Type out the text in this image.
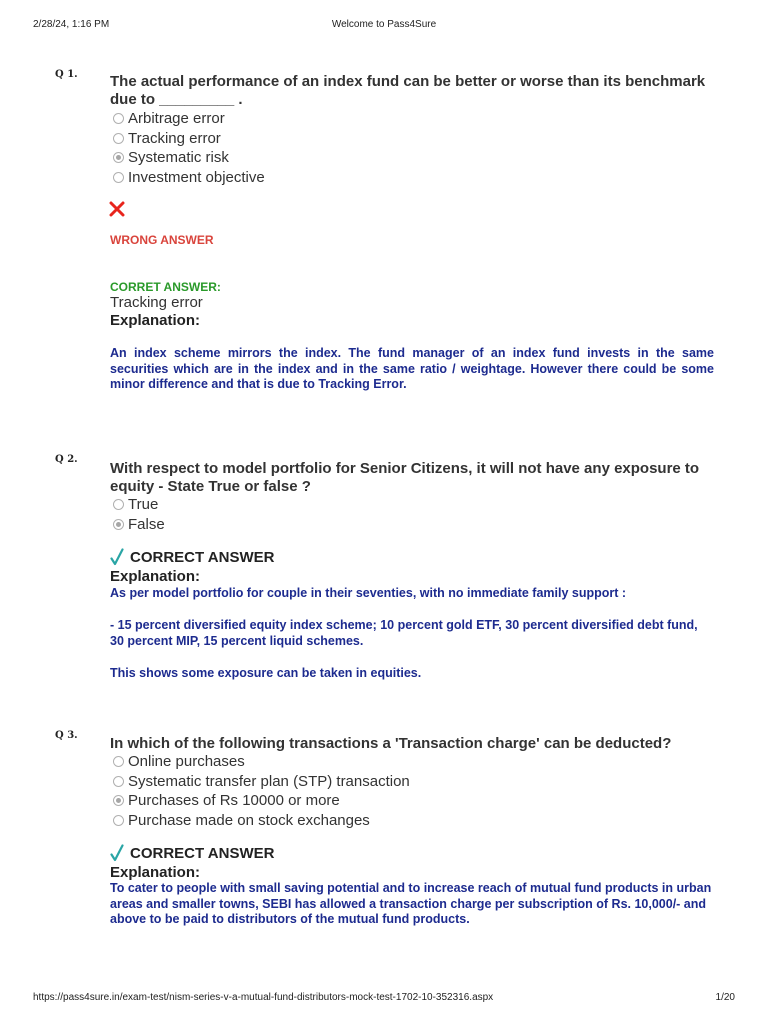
2/28/24, 1:16 PM	Welcome to Pass4Sure
Q 1. The actual performance of an index fund can be better or worse than its benchmark due to _________ .
Arbitrage error
Tracking error
Systematic risk
Investment objective
WRONG ANSWER
CORRET ANSWER:
Tracking error
Explanation:
An index scheme mirrors the index. The fund manager of an index fund invests in the same securities which are in the index and in the same ratio / weightage. However there could be some minor difference and that is due to Tracking Error.
Q 2.
With respect to model portfolio for Senior Citizens, it will not have any exposure to equity - State True or false ?
True
False
CORRECT ANSWER
Explanation:
As per model portfolio for couple in their seventies, with no immediate family support :
- 15 percent diversified equity index scheme; 10 percent gold ETF, 30 percent diversified debt fund, 30 percent MIP, 15 percent liquid schemes.
This shows some exposure can be taken in equities.
Q 3. In which of the following transactions a 'Transaction charge' can be deducted?
Online purchases
Systematic transfer plan (STP) transaction
Purchases of Rs 10000 or more
Purchase made on stock exchanges
CORRECT ANSWER
Explanation:
To cater to people with small saving potential and to increase reach of mutual fund products in urban areas and smaller towns, SEBI has allowed a transaction charge per subscription of Rs. 10,000/- and above to be paid to distributors of the mutual fund products.
https://pass4sure.in/exam-test/nism-series-v-a-mutual-fund-distributors-mock-test-1702-10-352316.aspx	1/20
